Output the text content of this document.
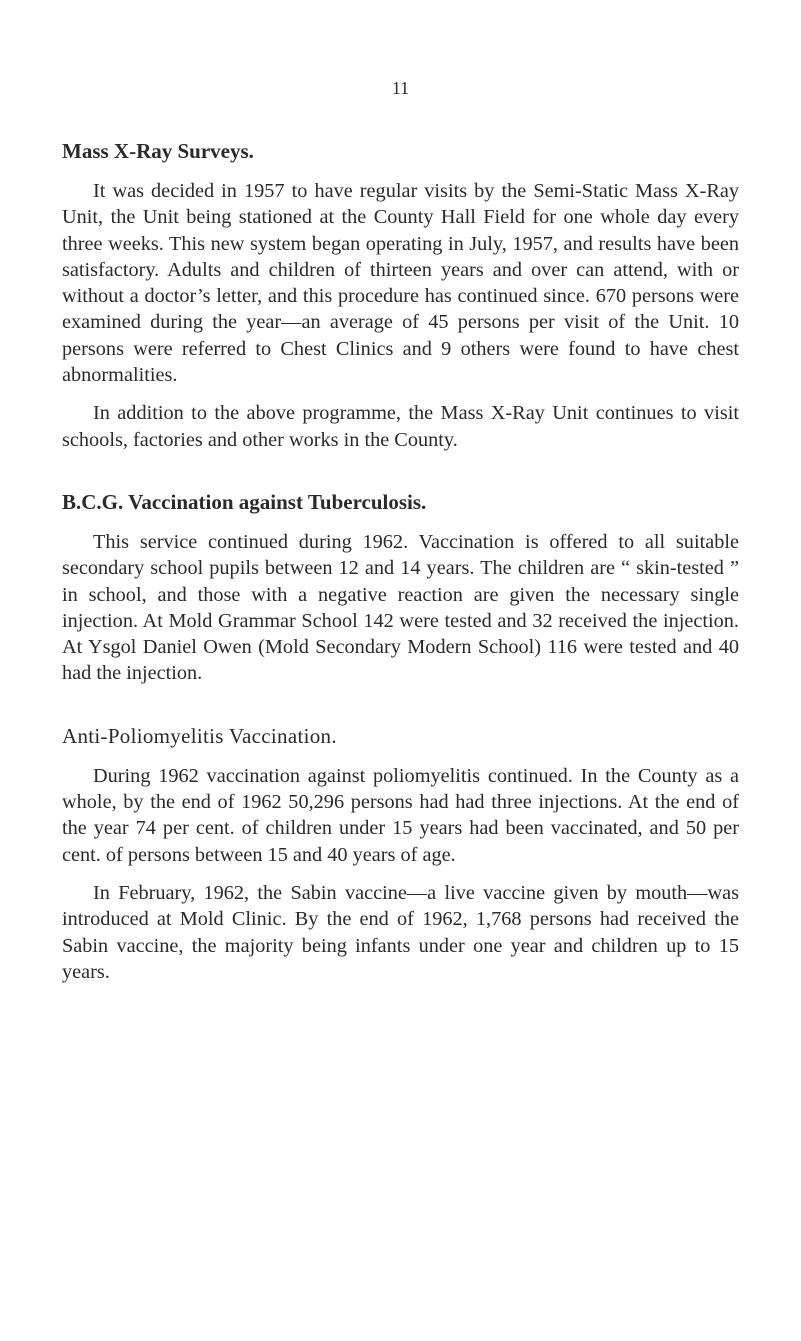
11
Mass X-Ray Surveys.

It was decided in 1957 to have regular visits by the Semi-Static Mass X-Ray Unit, the Unit being stationed at the County Hall Field for one whole day every three weeks. This new system began operating in July, 1957, and results have been satisfactory. Adults and children of thirteen years and over can attend, with or without a doctor’s letter, and this procedure has continued since. 670 persons were examined during the year—an average of 45 persons per visit of the Unit. 10 persons were referred to Chest Clinics and 9 others were found to have chest abnormalities.

In addition to the above programme, the Mass X-Ray Unit continues to visit schools, factories and other works in the County.

B.C.G. Vaccination against Tuberculosis.

This service continued during 1962. Vaccination is offered to all suitable secondary school pupils between 12 and 14 years. The children are “ skin-tested ” in school, and those with a negative reaction are given the necessary single injection. At Mold Grammar School 142 were tested and 32 received the injection. At Ysgol Daniel Owen (Mold Secondary Modern School) 116 were tested and 40 had the injection.

Anti-Poliomyelitis Vaccination.

During 1962 vaccination against poliomyelitis continued. In the County as a whole, by the end of 1962 50,296 persons had had three injections. At the end of the year 74 per cent. of children under 15 years had been vaccinated, and 50 per cent. of persons between 15 and 40 years of age.

In February, 1962, the Sabin vaccine—a live vaccine given by mouth—was introduced at Mold Clinic. By the end of 1962, 1,768 persons had received the Sabin vaccine, the majority being infants under one year and children up to 15 years.
